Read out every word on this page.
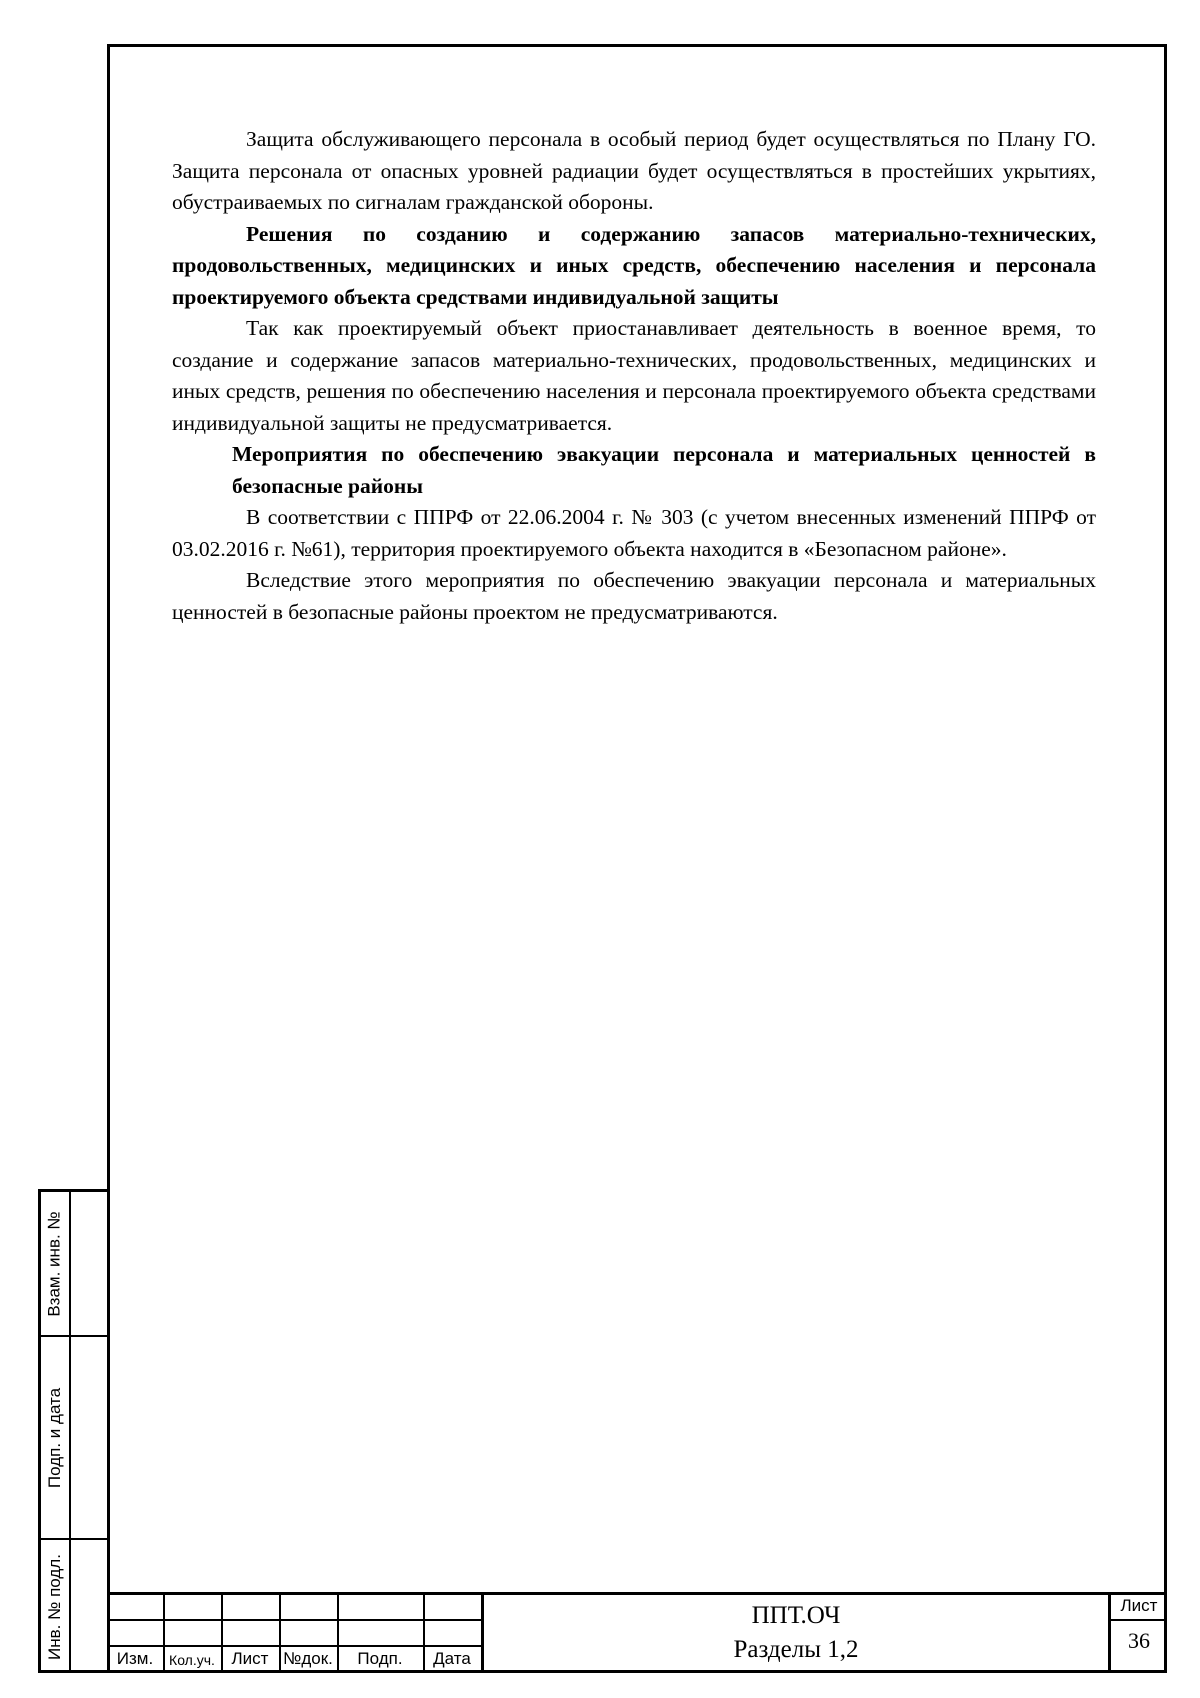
Защита обслуживающего персонала в особый период будет осуществляться по Плану ГО. Защита персонала от опасных уровней радиации будет осуществляться в простейших укрытиях, обустраиваемых по сигналам гражданской обороны.

Решения по созданию и содержанию запасов материально-технических, продовольственных, медицинских и иных средств, обеспечению населения и персонала проектируемого объекта средствами индивидуальной защиты

Так как проектируемый объект приостанавливает деятельность в военное время, то создание и содержание запасов материально-технических, продовольственных, медицинских и иных средств, решения по обеспечению населения и персонала проектируемого объекта средствами индивидуальной защиты не предусматривается.

Мероприятия по обеспечению эвакуации персонала и материальных ценностей в безопасные районы

В соответствии с ППРФ от 22.06.2004 г. № 303 (с учетом внесенных изменений ППРФ от 03.02.2016 г. №61), территория проектируемого объекта находится в «Безопасном районе».

Вследствие этого мероприятия по обеспечению эвакуации персонала и материальных ценностей в безопасные районы проектом не предусматриваются.

Взам. инв. №
Подп. и дата
Инв. № подл.	Изм.	Кол.уч. Лист №док.	Подп.	Дата
ППТ.ОЧ
Разделы 1,2
Лист
36
